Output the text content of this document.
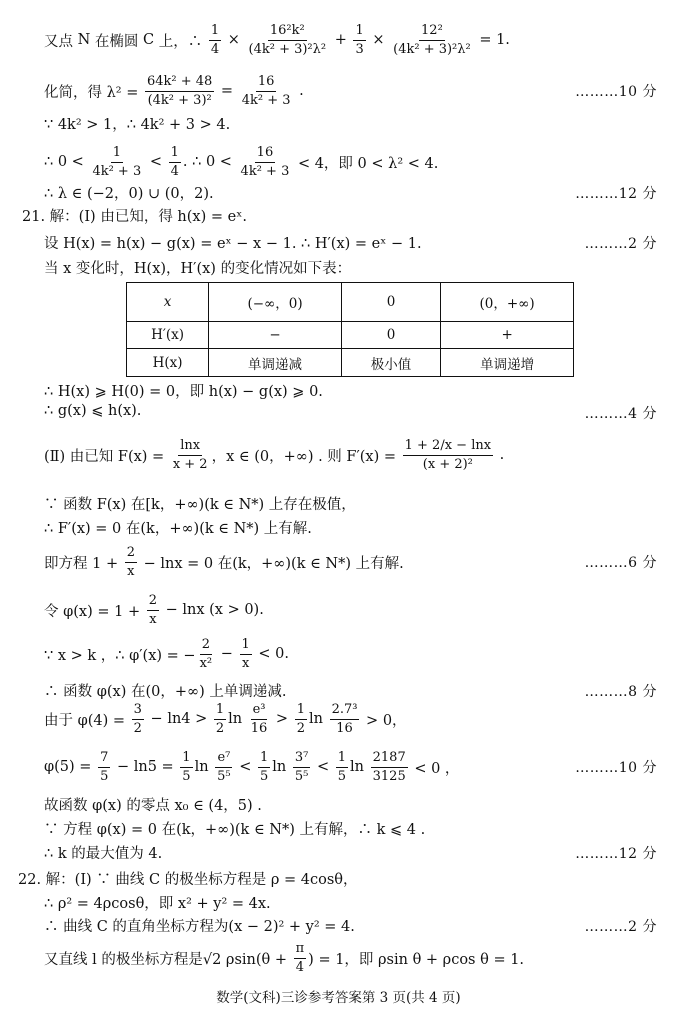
又点 N 在椭圆 C 上，∴ $\frac{1}{4} \times \frac{\text{16²k²}}{\text{(4k² + 3)²λ²}} + \frac{1}{3} \times \frac{\text{12²}}{\text{(4k² + 3)²λ²}} = 1$.
化简，得 $\lambda^2 = \frac{\text{64k² + 48}}{\text{(4k² + 3)²}} = \frac{16}{\text{4k² + 3}}$ .	………10 分
∵ 4k² > 1，∴ 4k² + 3 > 4.
∴ $0 < \frac{1}{\text{4k² + 3}} < \frac{1}{4}$ . ∴ $0 < \frac{16}{\text{4k² + 3}} < 4$，即 0 < λ² < 4.
∴ λ ∈ (−2，0) ∪ (0，2).	………12 分
21. 解：(Ⅰ) 由已知，得 h(x) = eˣ.
设 H(x) = h(x) − g(x) = eˣ − x − 1. ∴ H′(x) = eˣ − 1.	………2 分
当 x 变化时，H(x)，H′(x) 的变化情况如下表：
∴ H(x) ⩾ H(0) = 0，即 h(x) − g(x) ⩾ 0.
∴ g(x) ⩽ h(x).	………4 分
(Ⅱ) 由已知 $F(x) = \frac{\ln x}{x + 2}$ ，x ∈ (0，+∞) . 则 $F'(x) = \frac{1 + 2/x - \ln x}{\text{(x + 2)²}}$ .
∵ 函数 F(x) 在[k，+∞)(k ∈ N*) 上存在极值，
∴ F′(x) = 0 在(k，+∞)(k ∈ N*) 上有解.
即方程 $1 + \frac{2}{x} - \ln x = 0$ 在(k，+∞)(k ∈ N*) 上有解.	………6 分
令 $\varphi(x) = 1 + \frac{2}{x} - \ln x$ (x > 0).
∵ x > k ，∴ φ′(x) = − $\frac{2}{\text{x²}} - \frac{1}{x} < 0$.
∴ 函数 φ(x) 在(0，+∞) 上单调递减.	………8 分
由于 $\varphi(4) = \frac{3}{2} - \ln 4 > \frac{1}{2}$ $\ln \frac{\text{e³}}{16} > \frac{1}{2}$ $\ln \frac{\text{2.7³}}{16} > 0$，
$\varphi(5) = \frac{7}{5} - \ln 5 = \frac{1}{5}$ $\ln \frac{\text{e⁷}}{\text{5⁵}} < \frac{1}{5}$ $\ln \frac{\text{3⁷}}{\text{5⁵}} < \frac{1}{5}$ $\ln \frac{2187}{3125} < 0$ ，	………10 分
故函数 φ(x) 的零点 x₀ ∈ (4，5) .
∵ 方程 φ(x) = 0 在(k，+∞)(k ∈ N*) 上有解，∴ k ⩽ 4 .
∴ k 的最大值为 4.	………12 分
22. 解：(Ⅰ) ∵ 曲线 C 的极坐标方程是 ρ = 4cosθ，
∴ ρ² = 4ρcosθ，即 x² + y² = 4x.
∴ 曲线 C 的直角坐标方程为(x − 2)² + y² = 4.	………2 分
又直线 l 的极坐标方程是√2 $\rho\sin(\theta + \frac{\pi}{4}$ ) = 1，即 ρsin θ + ρcos θ = 1.
x	(−∞，0)	0	(0，+∞)
H′(x)	−	0	+
H(x)	单调递减	极小值	单调递增
数学(文科)三诊参考答案第 3 页(共 4 页)
